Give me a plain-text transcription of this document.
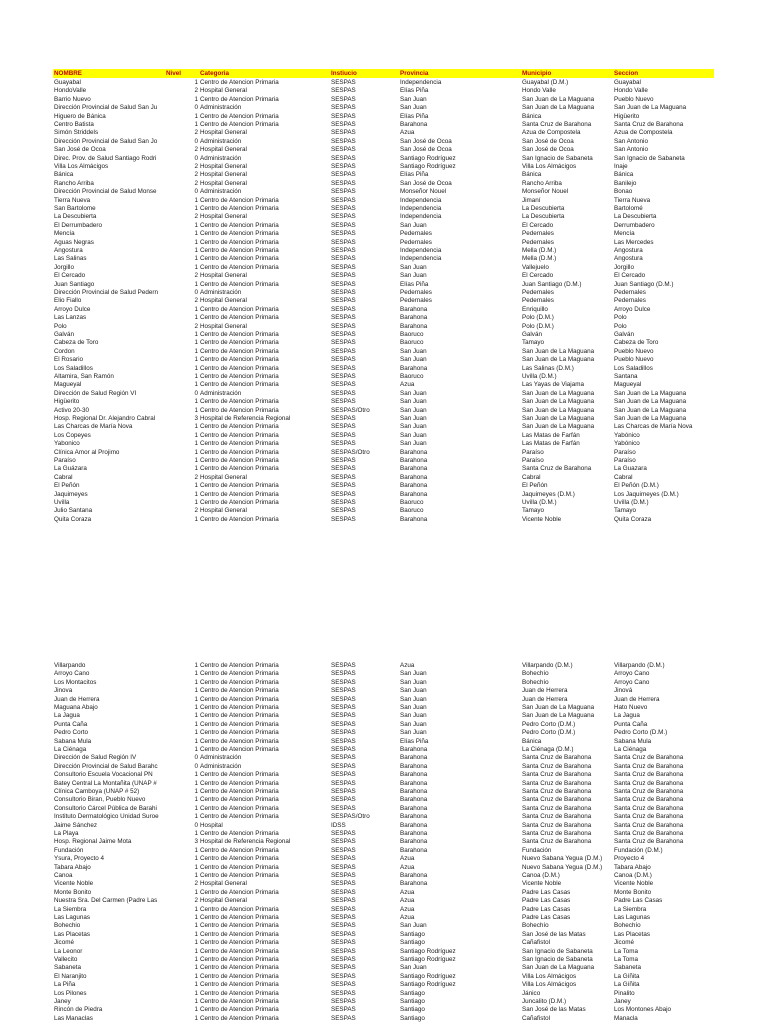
NOMBRE	Nivel	Categoria	Instiucio	Provincia	Municipio	Seccion
Guayabal	1 Centro de Atencion Primaria	SESPAS	Independencia	Guayabal (D.M.)	Guayabal
HondoValle	2 Hospital General	SESPAS	Elías Piña	Hondo Valle	Hondo Valle
Barrio Nuevo	1 Centro de Atencion Primaria	SESPAS	San Juan	San Juan de La Maguana	Pueblo Nuevo
Dirección Provincial de Salud San Ju	0 Administración	SESPAS	San Juan	San Juan de La Maguana	San Juan de La Maguana
Higuero de Bánica	1 Centro de Atencion Primaria	SESPAS	Elías Piña	Bánica	Higüerito
Centro Batista	1 Centro de Atencion Primaria	SESPAS	Barahona	Santa Cruz de Barahona	Santa Cruz de Barahona
Simón Striddels	2 Hospital General	SESPAS	Azua	Azua de Compostela	Azua de Compostela
Dirección Provincial de Salud San Jo	0 Administración	SESPAS	San José de Ocoa	San José de Ocoa	San Antonio
San José de Ocoa	2 Hospital General	SESPAS	San José de Ocoa	San José de Ocoa	San Antonio
Direc. Prov. de Salud Santiago Rodri	0 Administración	SESPAS	Santiago Rodríguez	San Ignacio de Sabaneta	San Ignacio de Sabaneta
Villa Los Almácigos	2 Hospital General	SESPAS	Santiago Rodríguez	Villa Los Almácigos	Inaje
Bánica	2 Hospital General	SESPAS	Elías Piña	Bánica	Bánica
Rancho Arriba	2 Hospital General	SESPAS	San José de Ocoa	Rancho Arriba	Banilejo
Dirección Provincial de Salud Monse	0 Administración	SESPAS	Monseñor Nouel	Monseñor Nouel	Bonao
Tierra Nueva	1 Centro de Atencion Primaria	SESPAS	Independencia	Jimaní	Tierra Nueva
San Bartolome	1 Centro de Atencion Primaria	SESPAS	Independencia	La Descubierta	Bartolomé
La Descubierta	2 Hospital General	SESPAS	Independencia	La Descubierta	La Descubierta
El Derrumbadero	1 Centro de Atencion Primaria	SESPAS	San Juan	El Cercado	Derrumbadero
Mencía	1 Centro de Atencion Primaria	SESPAS	Pedernales	Pedernales	Mencía
Aguas Negras	1 Centro de Atencion Primaria	SESPAS	Pedernales	Pedernales	Las Mercedes
Angostura	1 Centro de Atencion Primaria	SESPAS	Independencia	Mella (D.M.)	Angostura
Las Salinas	1 Centro de Atencion Primaria	SESPAS	Independencia	Mella (D.M.)	Angostura
Jorgillo	1 Centro de Atencion Primaria	SESPAS	San Juan	Vallejuelo	Jorgillo
El Cercado	2 Hospital General	SESPAS	San Juan	El Cercado	El Cercado
Juan Santiago	1 Centro de Atencion Primaria	SESPAS	Elías Piña	Juan Santiago (D.M.)	Juan Santiago (D.M.)
Dirección Provincial de Salud Pedern	0 Administración	SESPAS	Pedernales	Pedernales	Pedernales
Elio Fiallo	2 Hospital General	SESPAS	Pedernales	Pedernales	Pedernales
Arroyo Dulce	1 Centro de Atencion Primaria	SESPAS	Barahona	Enriquillo	Arroyo Dulce
Las Lanzas	1 Centro de Atencion Primaria	SESPAS	Barahona	Polo (D.M.)	Polo
Polo	2 Hospital General	SESPAS	Barahona	Polo (D.M.)	Polo
Galván	1 Centro de Atencion Primaria	SESPAS	Baoruco	Galván	Galván
Cabeza de Toro	1 Centro de Atencion Primaria	SESPAS	Baoruco	Tamayo	Cabeza de Toro
Cordon	1 Centro de Atencion Primaria	SESPAS	San Juan	San Juan de La Maguana	Pueblo Nuevo
El Rosario	1 Centro de Atencion Primaria	SESPAS	San Juan	San Juan de La Maguana	Pueblo Nuevo
Los Saladillos	1 Centro de Atencion Primaria	SESPAS	Barahona	Las Salinas (D.M.)	Los Saladillos
Altamira, San Ramón	1 Centro de Atencion Primaria	SESPAS	Baoruco	Uvilla (D.M.)	Santana
Magueyal	1 Centro de Atencion Primaria	SESPAS	Azua	Las Yayas de Viajama	Magueyal
Dirección de Salud Región VI	0 Administración	SESPAS	San Juan	San Juan de La Maguana	San Juan de La Maguana
Higüerito	1 Centro de Atencion Primaria	SESPAS	San Juan	San Juan de La Maguana	San Juan de La Maguana
Activo 20-30	1 Centro de Atencion Primaria	SESPAS/Otro	San Juan	San Juan de La Maguana	San Juan de La Maguana
Hosp. Regional Dr. Alejandro Cabral	3 Hospital de Referencia Regional	SESPAS	San Juan	San Juan de La Maguana	San Juan de La Maguana
Las Charcas de María Nova	1 Centro de Atencion Primaria	SESPAS	San Juan	San Juan de La Maguana	Las Charcas de María Nova
Los Copeyes	1 Centro de Atencion Primaria	SESPAS	San Juan	Las Matas de Farfán	Yabónico
Yabonico	1 Centro de Atencion Primaria	SESPAS	San Juan	Las Matas de Farfán	Yabónico
Clínica Amor al Projimo	1 Centro de Atencion Primaria	SESPAS/Otro	Barahona	Paraíso	Paraíso
Paraíso	1 Centro de Atencion Primaria	SESPAS	Barahona	Paraíso	Paraíso
La Guázara	1 Centro de Atencion Primaria	SESPAS	Barahona	Santa Cruz de Barahona	La Guazara
Cabral	2 Hospital General	SESPAS	Barahona	Cabral	Cabral
El Peñón	1 Centro de Atencion Primaria	SESPAS	Barahona	El Peñón	El Peñón (D.M.)
Jaquimeyes	1 Centro de Atencion Primaria	SESPAS	Barahona	Jaquimeyes (D.M.)	Los Jaquimeyes (D.M.)
Uvilla	1 Centro de Atencion Primaria	SESPAS	Baoruco	Uvilla (D.M.)	Uvilla (D.M.)
Julio Santana	2 Hospital General	SESPAS	Baoruco	Tamayo	Tamayo
Quita Coraza	1 Centro de Atencion Primaria	SESPAS	Barahona	Vicente Noble	Quita Coraza
Villarpando	1 Centro de Atencion Primaria	SESPAS	Azua	Villarpando (D.M.)	Villarpando (D.M.)
Arroyo Cano	1 Centro de Atencion Primaria	SESPAS	San Juan	Bohechío	Arroyo Cano
Los Montacitos	1 Centro de Atencion Primaria	SESPAS	San Juan	Bohechío	Arroyo Cano
Jinova	1 Centro de Atencion Primaria	SESPAS	San Juan	Juan de Herrera	Jinová
Juan de Herrera	1 Centro de Atencion Primaria	SESPAS	San Juan	Juan de Herrera	Juan de Herrera
Maguana Abajo	1 Centro de Atencion Primaria	SESPAS	San Juan	San Juan de La Maguana	Hato Nuevo
La Jagua	1 Centro de Atencion Primaria	SESPAS	San Juan	San Juan de La Maguana	La Jagua
Punta Caña	1 Centro de Atencion Primaria	SESPAS	San Juan	Pedro Corto (D.M.)	Punta Caña
Pedro Corto	1 Centro de Atencion Primaria	SESPAS	San Juan	Pedro Corto (D.M.)	Pedro Corto (D.M.)
Sabana Mula	1 Centro de Atencion Primaria	SESPAS	Elías Piña	Bánica	Sabana Mula
La Ciénaga	1 Centro de Atencion Primaria	SESPAS	Barahona	La Ciénaga (D.M.)	La Ciénaga
Dirección de Salud Región IV	0 Administración	SESPAS	Barahona	Santa Cruz de Barahona	Santa Cruz de Barahona
Dirección Provincial de Salud Barahc	0 Administración	SESPAS	Barahona	Santa Cruz de Barahona	Santa Cruz de Barahona
Consultorio Escuela Vocacional PN	1 Centro de Atencion Primaria	SESPAS	Barahona	Santa Cruz de Barahona	Santa Cruz de Barahona
Batey Central La Montañita (UNAP #	1 Centro de Atencion Primaria	SESPAS	Barahona	Santa Cruz de Barahona	Santa Cruz de Barahona
Clínica Camboya (UNAP # 52)	1 Centro de Atencion Primaria	SESPAS	Barahona	Santa Cruz de Barahona	Santa Cruz de Barahona
Consultorio Biran, Pueblo Nuevo	1 Centro de Atencion Primaria	SESPAS	Barahona	Santa Cruz de Barahona	Santa Cruz de Barahona
Consultorio Cárcel Pública de Barahi	1 Centro de Atencion Primaria	SESPAS	Barahona	Santa Cruz de Barahona	Santa Cruz de Barahona
Instituto Dermatológico Unidad Suroe	1 Centro de Atencion Primaria	SESPAS/Otro	Barahona	Santa Cruz de Barahona	Santa Cruz de Barahona
Jaime Sánchez	0 Hospital	IDSS	Barahona	Santa Cruz de Barahona	Santa Cruz de Barahona
La Playa	1 Centro de Atencion Primaria	SESPAS	Barahona	Santa Cruz de Barahona	Santa Cruz de Barahona
Hosp. Regional Jaime Mota	3 Hospital de Referencia Regional	SESPAS	Barahona	Santa Cruz de Barahona	Santa Cruz de Barahona
Fundación	1 Centro de Atencion Primaria	SESPAS	Barahona	Fundación	Fundación (D.M.)
Ysura, Proyecto 4	1 Centro de Atencion Primaria	SESPAS	Azua	Nuevo Sabana Yegua (D.M.)	Proyecto 4
Tabara Abajo	1 Centro de Atencion Primaria	SESPAS	Azua	Nuevo Sabana Yegua (D.M.)	Tabara Abajo
Canoa	1 Centro de Atencion Primaria	SESPAS	Barahona	Canoa (D.M.)	Canoa (D.M.)
Vicente Noble	2 Hospital General	SESPAS	Barahona	Vicente Noble	Vicente Noble
Monte Bonito	1 Centro de Atencion Primaria	SESPAS	Azua	Padre Las Casas	Monte Bonito
Nuestra Sra. Del Carmen (Padre Las	2 Hospital General	SESPAS	Azua	Padre Las Casas	Padre Las Casas
La Siembra	1 Centro de Atencion Primaria	SESPAS	Azua	Padre Las Casas	La Siembra
Las Lagunas	1 Centro de Atencion Primaria	SESPAS	Azua	Padre Las Casas	Las Lagunas
Bohechio	1 Centro de Atencion Primaria	SESPAS	San Juan	Bohechío	Bohechío
Las Placetas	1 Centro de Atencion Primaria	SESPAS	Santiago	San José de las Matas	Las Placetas
Jicomé	1 Centro de Atencion Primaria	SESPAS	Santiago	Cañafistol	Jicomé
La Leonor	1 Centro de Atencion Primaria	SESPAS	Santiago Rodríguez	San Ignacio de Sabaneta	La Toma
Vallecito	1 Centro de Atencion Primaria	SESPAS	Santiago Rodríguez	San Ignacio de Sabaneta	La Toma
Sabaneta	1 Centro de Atencion Primaria	SESPAS	San Juan	San Juan de La Maguana	Sabaneta
El Naranjito	1 Centro de Atencion Primaria	SESPAS	Santiago Rodríguez	Villa Los Almácigos	La Gíñita
La Piña	1 Centro de Atencion Primaria	SESPAS	Santiago Rodríguez	Villa Los Almácigos	La Gíñita
Los Pilones	1 Centro de Atencion Primaria	SESPAS	Santiago	Jánico	Pinalito
Janey	1 Centro de Atencion Primaria	SESPAS	Santiago	Juncalito (D.M.)	Janey
Rincón de Piedra	1 Centro de Atencion Primaria	SESPAS	Santiago	San José de las Matas	Los Montones Abajo
Las Manaclas	1 Centro de Atencion Primaria	SESPAS	Santiago	Cañafistol	Manacla
